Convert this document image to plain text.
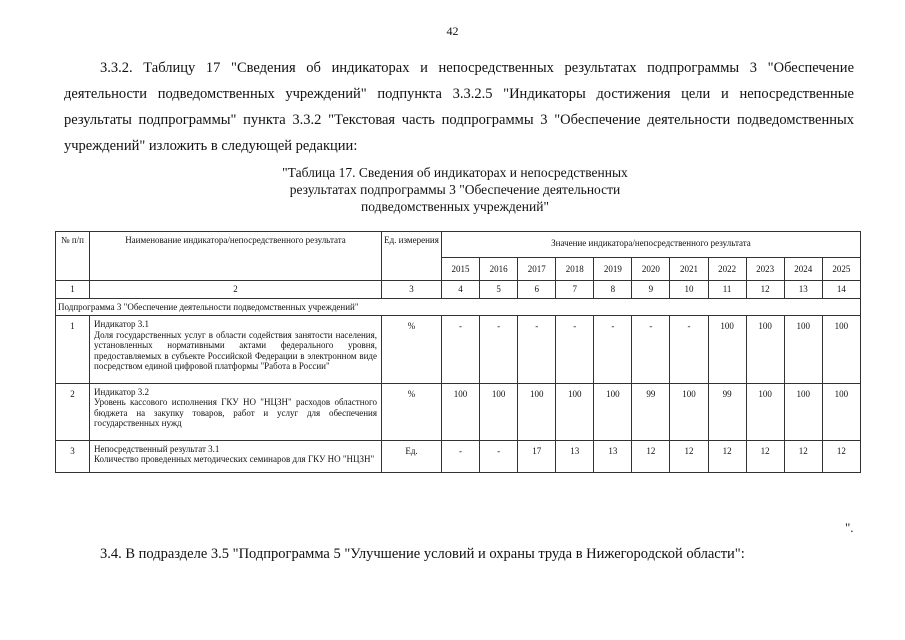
42

3.3.2. Таблицу 17 "Сведения об индикаторах и непосредственных результатах подпрограммы 3 "Обеспечение деятельности подведомственных учреждений" подпункта 3.3.2.5 "Индикаторы достижения цели и непосредственные результаты подпрограммы" пункта 3.3.2 "Текстовая часть подпрограммы 3 "Обеспечение деятельности подведомственных учреждений" изложить в следующей редакции:

"Таблица 17. Сведения об индикаторах и непосредственных
результатах подпрограммы 3 "Обеспечение деятельности
подведомственных учреждений"
№ п/п	Наименование индикатора/непосредственного результата	Ед. измерения	Значение индикатора/непосредственного результата										
			2015	2016	2017	2018	2019	2020	2021	2022	2023	2024	2025
1	2	3	4	5	6	7	8	9	10	11	12	13	14
Подпрограмма 3 "Обеспечение деятельности подведомственных учреждений"													
1	Индикатор 3.1
Доля государственных услуг в области содействия занятости населения, установленных нормативными актами федерального уровня, предоставляемых в субъекте Российской Федерации в электронном виде посредством единой цифровой платформы "Работа в России"	%	-	-	-	-	-	-	-	100	100	100	100
2	Индикатор 3.2
Уровень кассового исполнения ГКУ НО "НЦЗН" расходов областного бюджета на закупку товаров, работ и услуг для обеспечения государственных нужд	%	100	100	100	100	100	99	100	99	100	100	100
3	Непосредственный результат 3.1
Количество проведенных методических семинаров для ГКУ НО "НЦЗН"	Ед.	-	-	17	13	13	12	12	12	12	12	12
".

3.4. В подразделе 3.5 "Подпрограмма 5 "Улучшение условий и охраны труда в Нижегородской области":
